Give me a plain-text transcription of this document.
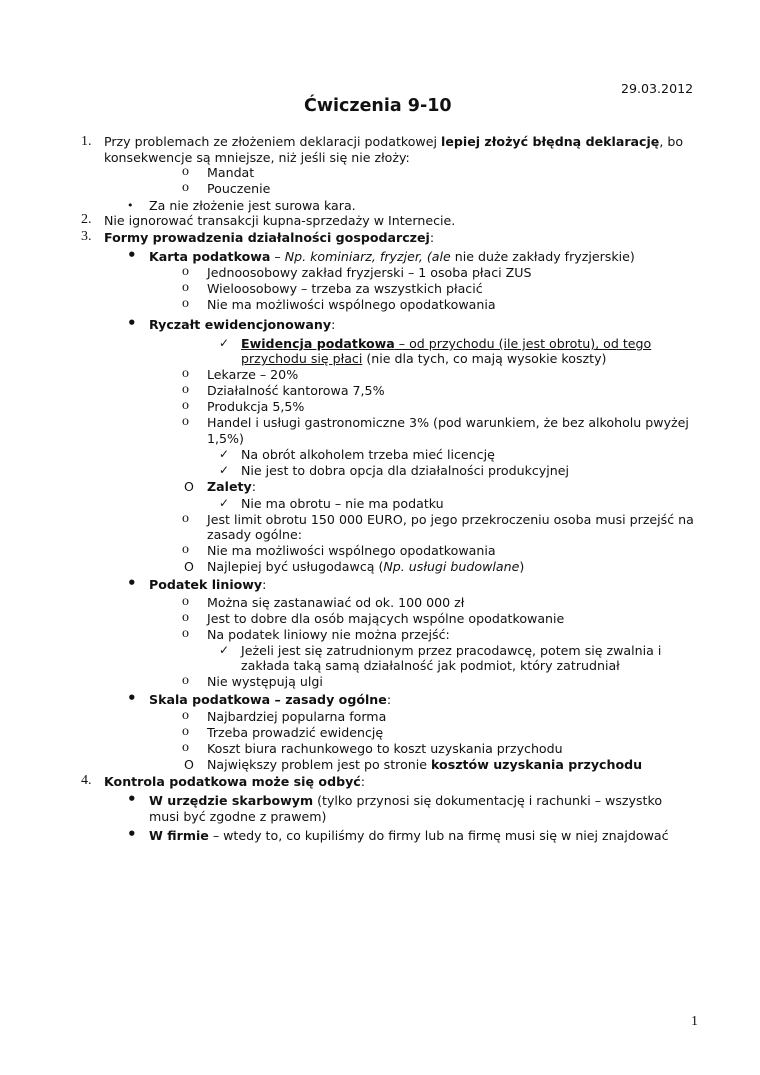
29.03.2012
Ćwiczenia 9-10
1. Przy problemach ze złożeniem deklaracji podatkowej lepiej złożyć błędną deklarację, bo
konsekwencje są mniejsze, niż jeśli się nie złoży:
o Mandat
o Pouczenie
• Za nie złożenie jest surowa kara.
2. Nie ignorować transakcji kupna-sprzedaży w Internecie.
3. Formy prowadzenia działalności gospodarczej:
• Karta podatkowa – Np. kominiarz, fryzjer, (ale nie duże zakłady fryzjerskie)
o Jednoosobowy zakład fryzjerski – 1 osoba płaci ZUS
o Wieloosobowy – trzeba za wszystkich płacić
o Nie ma możliwości wspólnego opodatkowania
• Ryczałt ewidencjonowany:
✓ Ewidencja podatkowa – od przychodu (ile jest obrotu), od tego
przychodu się płaci (nie dla tych, co mają wysokie koszty)
o Lekarze – 20%
o Działalność kantorowa 7,5%
o Produkcja 5,5%
o Handel i usługi gastronomiczne 3% (pod warunkiem, że bez alkoholu pwyżej
1,5%)
✓ Na obrót alkoholem trzeba mieć licencję
✓ Nie jest to dobra opcja dla działalności produkcyjnej
O Zalety:
✓ Nie ma obrotu – nie ma podatku
o Jest limit obrotu 150 000 EURO, po jego przekroczeniu osoba musi przejść na
zasady ogólne:
o Nie ma możliwości wspólnego opodatkowania
O Najlepiej być usługodawcą (Np. usługi budowlane)
• Podatek liniowy:
o Można się zastanawiać od ok. 100 000 zł
o Jest to dobre dla osób mających wspólne opodatkowanie
o Na podatek liniowy nie można przejść:
✓ Jeżeli jest się zatrudnionym przez pracodawcę, potem się zwalnia i
zakłada taką samą działalność jak podmiot, który zatrudniał
o Nie występują ulgi
• Skala podatkowa – zasady ogólne:
o Najbardziej popularna forma
o Trzeba prowadzić ewidencję
o Koszt biura rachunkowego to koszt uzyskania przychodu
O Największy problem jest po stronie kosztów uzyskania przychodu
4. Kontrola podatkowa może się odbyć:
• W urzędzie skarbowym (tylko przynosi się dokumentację i rachunki – wszystko
musi być zgodne z prawem)
• W firmie – wtedy to, co kupiliśmy do firmy lub na firmę musi się w niej znajdować
1
